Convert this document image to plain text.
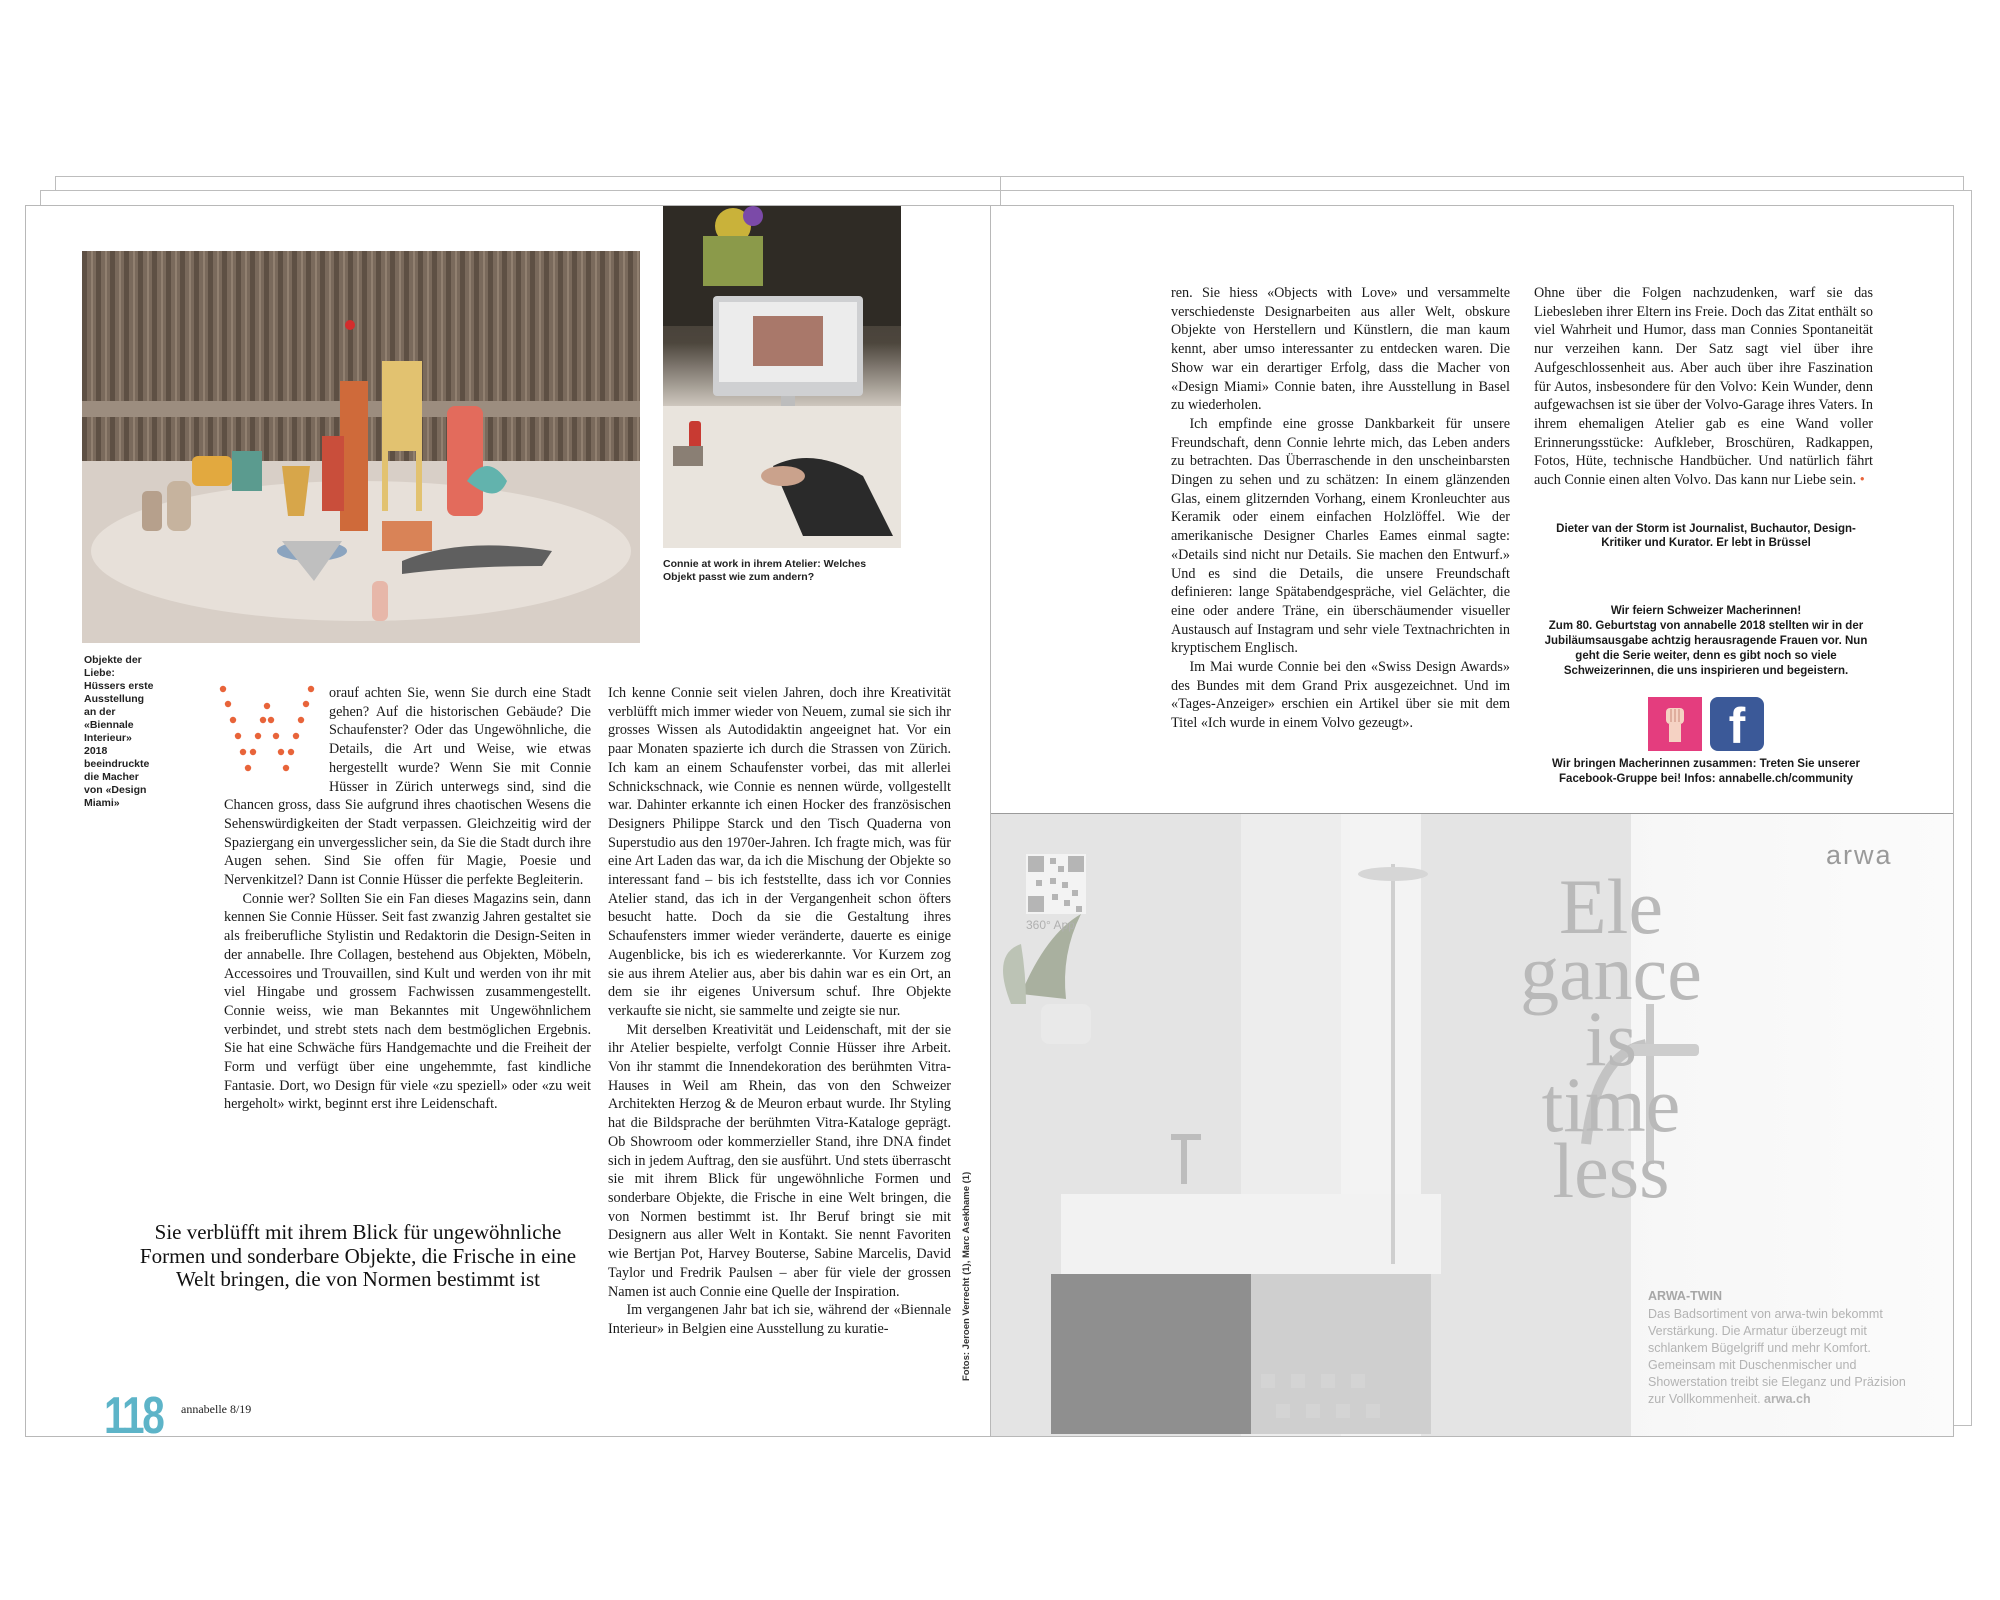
Connie at work in ihrem Atelier: Welches Objekt passt wie zum andern?
Objekte der Liebe: Hüssers erste Ausstellung an der «Biennale Interieur» 2018 beeindruckte die Macher von «Design Miami»

orauf achten Sie, wenn Sie durch eine Stadt gehen? Auf die historischen Gebäude? Die Schaufenster? Oder das Ungewöhnliche, die Details, die Art und Weise, wie etwas hergestellt wurde? Wenn Sie mit Connie Hüsser in Zürich unterwegs sind, sind die Chancen gross, dass Sie aufgrund ihres chaotischen Wesens die Sehenswürdigkeiten der Stadt verpassen. Gleichzeitig wird der Spaziergang ein unvergesslicher sein, da Sie die Stadt durch ihre Augen sehen. Sind Sie offen für Magie, Poesie und Nervenkitzel? Dann ist Connie Hüsser die perfekte Begleiterin.

Connie wer? Sollten Sie ein Fan dieses Magazins sein, dann kennen Sie Connie Hüsser. Seit fast zwanzig Jahren gestaltet sie als freiberufliche Stylistin und Redaktorin die Design-Seiten in der annabelle. Ihre Collagen, bestehend aus Objekten, Möbeln, Accessoires und Trouvaillen, sind Kult und werden von ihr mit viel Hingabe und grossem Fachwissen zusammengestellt. Connie weiss, wie man Bekanntes mit Ungewöhnlichem verbindet, und strebt stets nach dem bestmöglichen Ergebnis. Sie hat eine Schwäche fürs Handgemachte und die Freiheit der Form und verfügt über eine ungehemmte, fast kindliche Fantasie. Dort, wo Design für viele «zu speziell» oder «zu weit hergeholt» wirkt, beginnt erst ihre Leidenschaft.

Ich kenne Connie seit vielen Jahren, doch ihre Kreativität verblüfft mich immer wieder von Neuem, zumal sie sich ihr grosses Wissen als Autodidaktin angeeignet hat. Vor ein paar Monaten spazierte ich durch die Strassen von Zürich. Ich kam an einem Schaufenster vorbei, das mit allerlei Schnickschnack, wie Connie es nennen würde, vollgestellt war. Dahinter erkannte ich einen Hocker des französischen Designers Philippe Starck und den Tisch Quaderna von Superstudio aus den 1970er-Jahren. Ich fragte mich, was für eine Art Laden das war, da ich die Mischung der Objekte so interessant fand – bis ich feststellte, dass ich vor Connies Atelier stand, das ich in der Vergangenheit schon öfters besucht hatte. Doch da sie die Gestaltung ihres Schaufensters immer wieder veränderte, dauerte es einige Augenblicke, bis ich es wiedererkannte. Vor Kurzem zog sie aus ihrem Atelier aus, aber bis dahin war es ein Ort, an dem sie ihr eigenes Universum schuf. Ihre Objekte verkaufte sie nicht, sie sammelte und zeigte sie nur.

Mit derselben Kreativität und Leidenschaft, mit der sie ihr Atelier bespielte, verfolgt Connie Hüsser ihre Arbeit. Von ihr stammt die Innendekoration des berühmten Vitra-Hauses in Weil am Rhein, das von den Schweizer Architekten Herzog & de Meuron erbaut wurde. Ihr Styling hat die Bildsprache der berühmten Vitra-Kataloge geprägt. Ob Showroom oder kommerzieller Stand, ihre DNA findet sich in jedem Auftrag, den sie ausführt. Und stets überrascht sie mit ihrem Blick für ungewöhnliche Formen und sonderbare Objekte, die Frische in eine Welt bringen, die von Normen bestimmt ist. Ihr Beruf bringt sie mit Designern aus aller Welt in Kontakt. Sie nennt Favoriten wie Bertjan Pot, Harvey Bouterse, Sabine Marcelis, David Taylor und Fredrik Paulsen – aber für viele der grossen Namen ist auch Connie eine Quelle der Inspiration.

Im vergangenen Jahr bat ich sie, während der «Biennale Interieur» in Belgien eine Ausstellung zu kuratie-

Sie verblüfft mit ihrem Blick für ungewöhnliche Formen und sonderbare Objekte, die Frische in eine Welt bringen, die von Normen bestimmt ist	Fotos: Jeroen Verrecht (1), Marc Asekhame (1)
118 annabelle 8/19

ren. Sie hiess «Objects with Love» und versammelte verschiedenste Designarbeiten aus aller Welt, obskure Objekte von Herstellern und Künstlern, die man kaum kennt, aber umso interessanter zu entdecken waren. Die Show war ein derartiger Erfolg, dass die Macher von «Design Miami» Connie baten, ihre Ausstellung in Basel zu wiederholen.

Ich empfinde eine grosse Dankbarkeit für unsere Freundschaft, denn Connie lehrte mich, das Leben anders zu betrachten. Das Überraschende in den unscheinbarsten Dingen zu sehen und zu schätzen: In einem glänzenden Glas, einem glitzernden Vorhang, einem Kronleuchter aus Keramik oder einem einfachen Holzlöffel. Wie der amerikanische Designer Charles Eames einmal sagte: «Details sind nicht nur Details. Sie machen den Entwurf.» Und es sind die Details, die unsere Freundschaft definieren: lange Spätabendgespräche, viel Gelächter, die eine oder andere Träne, ein überschäumender visueller Austausch auf Instagram und sehr viele Textnachrichten in kryptischem Englisch.

Im Mai wurde Connie bei den «Swiss Design Awards» des Bundes mit dem Grand Prix ausgezeichnet. Und im «Tages-Anzeiger» erschien ein Artikel über sie mit dem Titel «Ich wurde in einem Volvo gezeugt».

Ohne über die Folgen nachzudenken, warf sie das Liebesleben ihrer Eltern ins Freie. Doch das Zitat enthält so viel Wahrheit und Humor, dass man Connies Spontaneität nur verzeihen kann. Der Satz sagt viel über ihre Aufgeschlossenheit aus. Aber auch über ihre Faszination für Autos, insbesondere für den Volvo: Kein Wunder, denn aufgewachsen ist sie über der Volvo-Garage ihres Vaters. In ihrem ehemaligen Atelier gab es eine Wand voller Erinnerungsstücke: Aufkleber, Broschüren, Radkappen, Fotos, Hüte, technische Handbücher. Und natürlich fährt auch Connie einen alten Volvo. Das kann nur Liebe sein. •

Dieter van der Storm ist Journalist, Buchautor, Design-Kritiker und Kurator. Er lebt in Brüssel
Wir feiern Schweizer Macherinnen!
Zum 80. Geburtstag von annabelle 2018 stellten wir in der Jubiläumsausgabe achtzig herausragende Frauen vor. Nun geht die Serie weiter, denn es gibt noch so viele Schweizerinnen, die uns inspirieren und begeistern.
f
Wir bringen Macherinnen zusammen: Treten Sie unserer Facebook-Gruppe bei! Infos: annabelle.ch/community
360° App
arwa
Ele
gance
is
time
less
ARWA-TWIN
Das Badsortiment von arwa-twin bekommt Verstärkung. Die Armatur überzeugt mit schlankem Bügelgriff und mehr Komfort. Gemeinsam mit Duschenmischer und Showerstation treibt sie Eleganz und Präzision zur Vollkommenheit. arwa.ch
